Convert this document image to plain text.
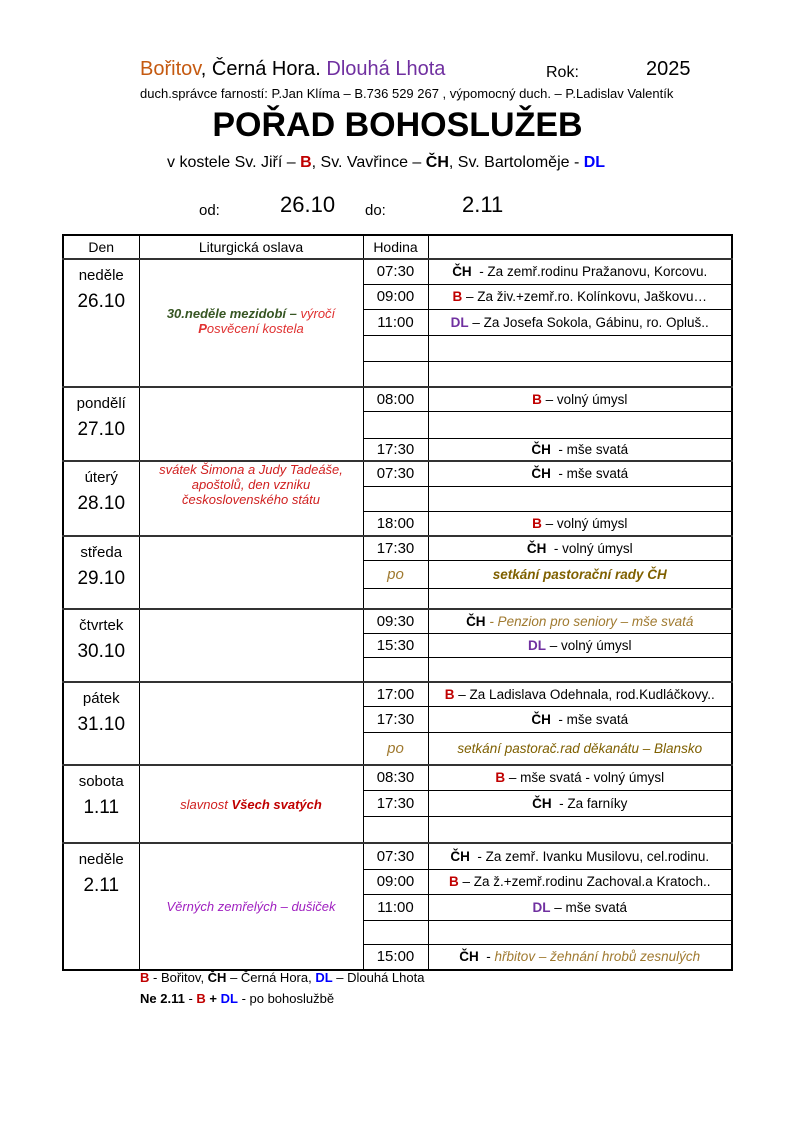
Bořitov, Černá Hora. Dlouhá Lhota	Rok:	2025
duch.správce farností: P.Jan Klíma – B.736 529 267 , výpomocný duch. – P.Ladislav Valentík
POŘAD BOHOSLUŽEB
v kostele Sv. Jiří – B, Sv. Vavřince – ČH, Sv. Bartoloměje - DL
od:	26.10 do:	2.11
Den	Liturgická oslava	Hodina	
neděle
26.10	30.neděle mezidobí – výročí Posvěcení kostela	07:30	ČH  - Za zemř.rodinu Pražanovu, Korcovu.
		09:00	B – Za živ.+zemř.ro. Kolínkovu, Jaškovu…
		11:00	DL – Za Josefa Sokola, Gábinu, ro. Opluš..

pondělí
27.10		08:00	B – volný úmysl

		17:30	ČH  - mše svatá
úterý
28.10	svátek Šimona a Judy Tadeáše, apoštolů, den vzniku československého státu	07:30	ČH  - mše svatá

		18:00	B – volný úmysl
středa
29.10		17:30	ČH  - volný úmysl
		po	setkání pastorační rady ČH

čtvrtek
30.10		09:30	ČH - Penzion pro seniory – mše svatá
		15:30	DL – volný úmysl

pátek
31.10		17:00	B – Za Ladislava Odehnala, rod.Kudláčkovy..
		17:30	ČH  - mše svatá
		po	setkání pastorač.rad děkanátu – Blansko
sobota
1.11	slavnost Všech svatých	08:30	B – mše svatá - volný úmysl
		17:30	ČH  - Za farníky

neděle
2.11	Věrných zemřelých – dušiček	07:30	ČH  - Za zemř. Ivanku Musilovu, cel.rodinu.
		09:00	B – Za ž.+zemř.rodinu Zachoval.a Kratoch..
		11:00	DL – mše svatá

		15:00	ČH  - hřbitov – žehnání hrobů zesnulých
B - Bořitov, ČH – Černá Hora, DL – Dlouhá Lhota
Ne 2.11 - B + DL - po bohoslužbě
